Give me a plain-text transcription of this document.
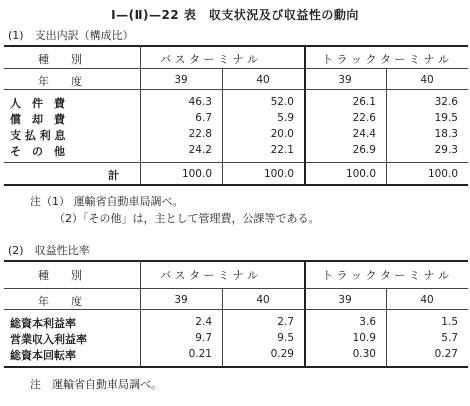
Ⅰ—(Ⅱ)—22 表　収支状況及び収益性の動向
(1)　支出内訳（構成比）
種　　別	バ ス タ ー ミ ナ ル	ト ラ ッ ク タ ー ミ ナ ル
年　　度	39	40	39	40
人　件　費	46.3	52.0	26.1	32.6
償　却　費	6.7	5.9	22.6	19.5
支 払 利 息	22.8	20.0	24.4	18.3
そ　の　他	24.2	22.1	26.9	29.3
計	100.0	100.0	100.0	100.0
注（1） 運輸省自動車局調べ。
（2）「その他」は，主として管理費，公課等である。
(2)　収益性比率
種　　別	バ ス タ ー ミ ナ ル	ト ラ ッ ク タ ー ミ ナ ル
年　　度	39	40	39	40
総資本利益率	2.4	2.7	3.6	1.5
営業収入利益率	9.7	9.5	10.9	5.7
総資本回転率	0.21	0.29	0.30	0.27
注　運輸省自動車局調べ。
